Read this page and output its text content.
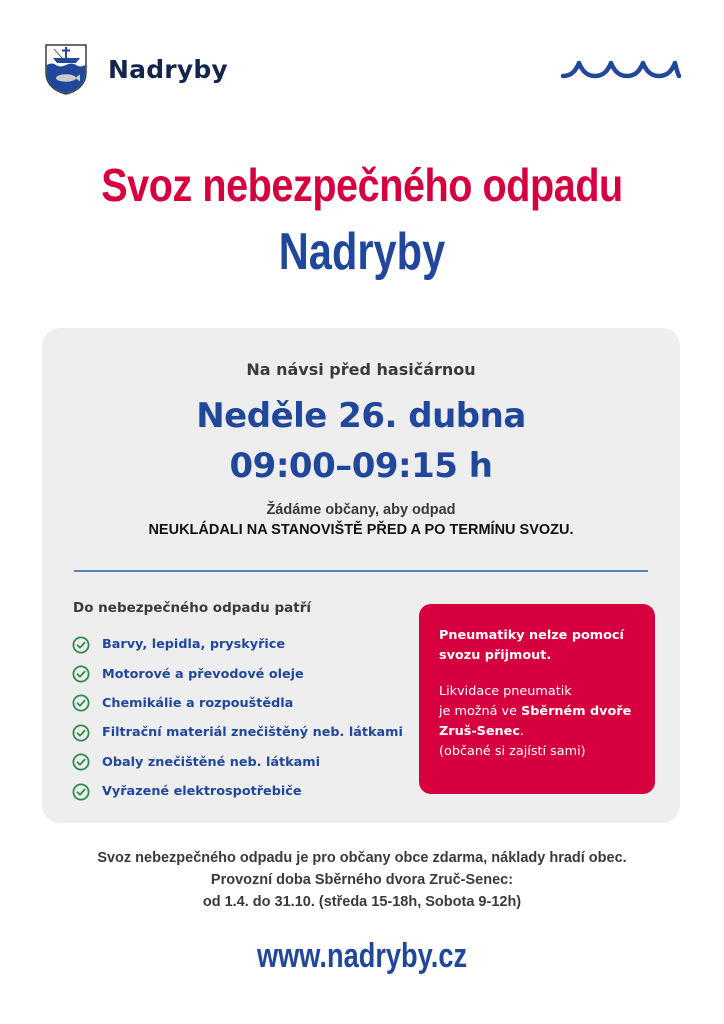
Nadryby
Svoz nebezpečného odpadu
Nadryby
Na návsi před hasičárnou
Neděle 26. dubna
09:00–09:15 h
Žádáme občany, aby odpad
NEUKLÁDALI NA STANOVIŠTĚ PŘED A PO TERMÍNU SVOZU.
Do nebezpečného odpadu patří
Barvy, lepidla, pryskyřice
Motorové a převodové oleje
Chemikálie a rozpouštědla
Filtrační materiál znečištěný neb. látkami
Obaly znečištěné neb. látkami
Vyřazené elektrospotřebiče
Pneumatiky nelze pomocí
svozu přijmout.
Likvidace pneumatik
je možná ve Sběrném dvoře
Zruš-Senec.
(občané si zajístí sami)
Svoz nebezpečného odpadu je pro občany obce zdarma, náklady hradí obec.
Provozní doba Sběrného dvora Zruč-Senec:
od 1.4. do 31.10. (středa 15-18h, Sobota 9-12h)
www.nadryby.cz
